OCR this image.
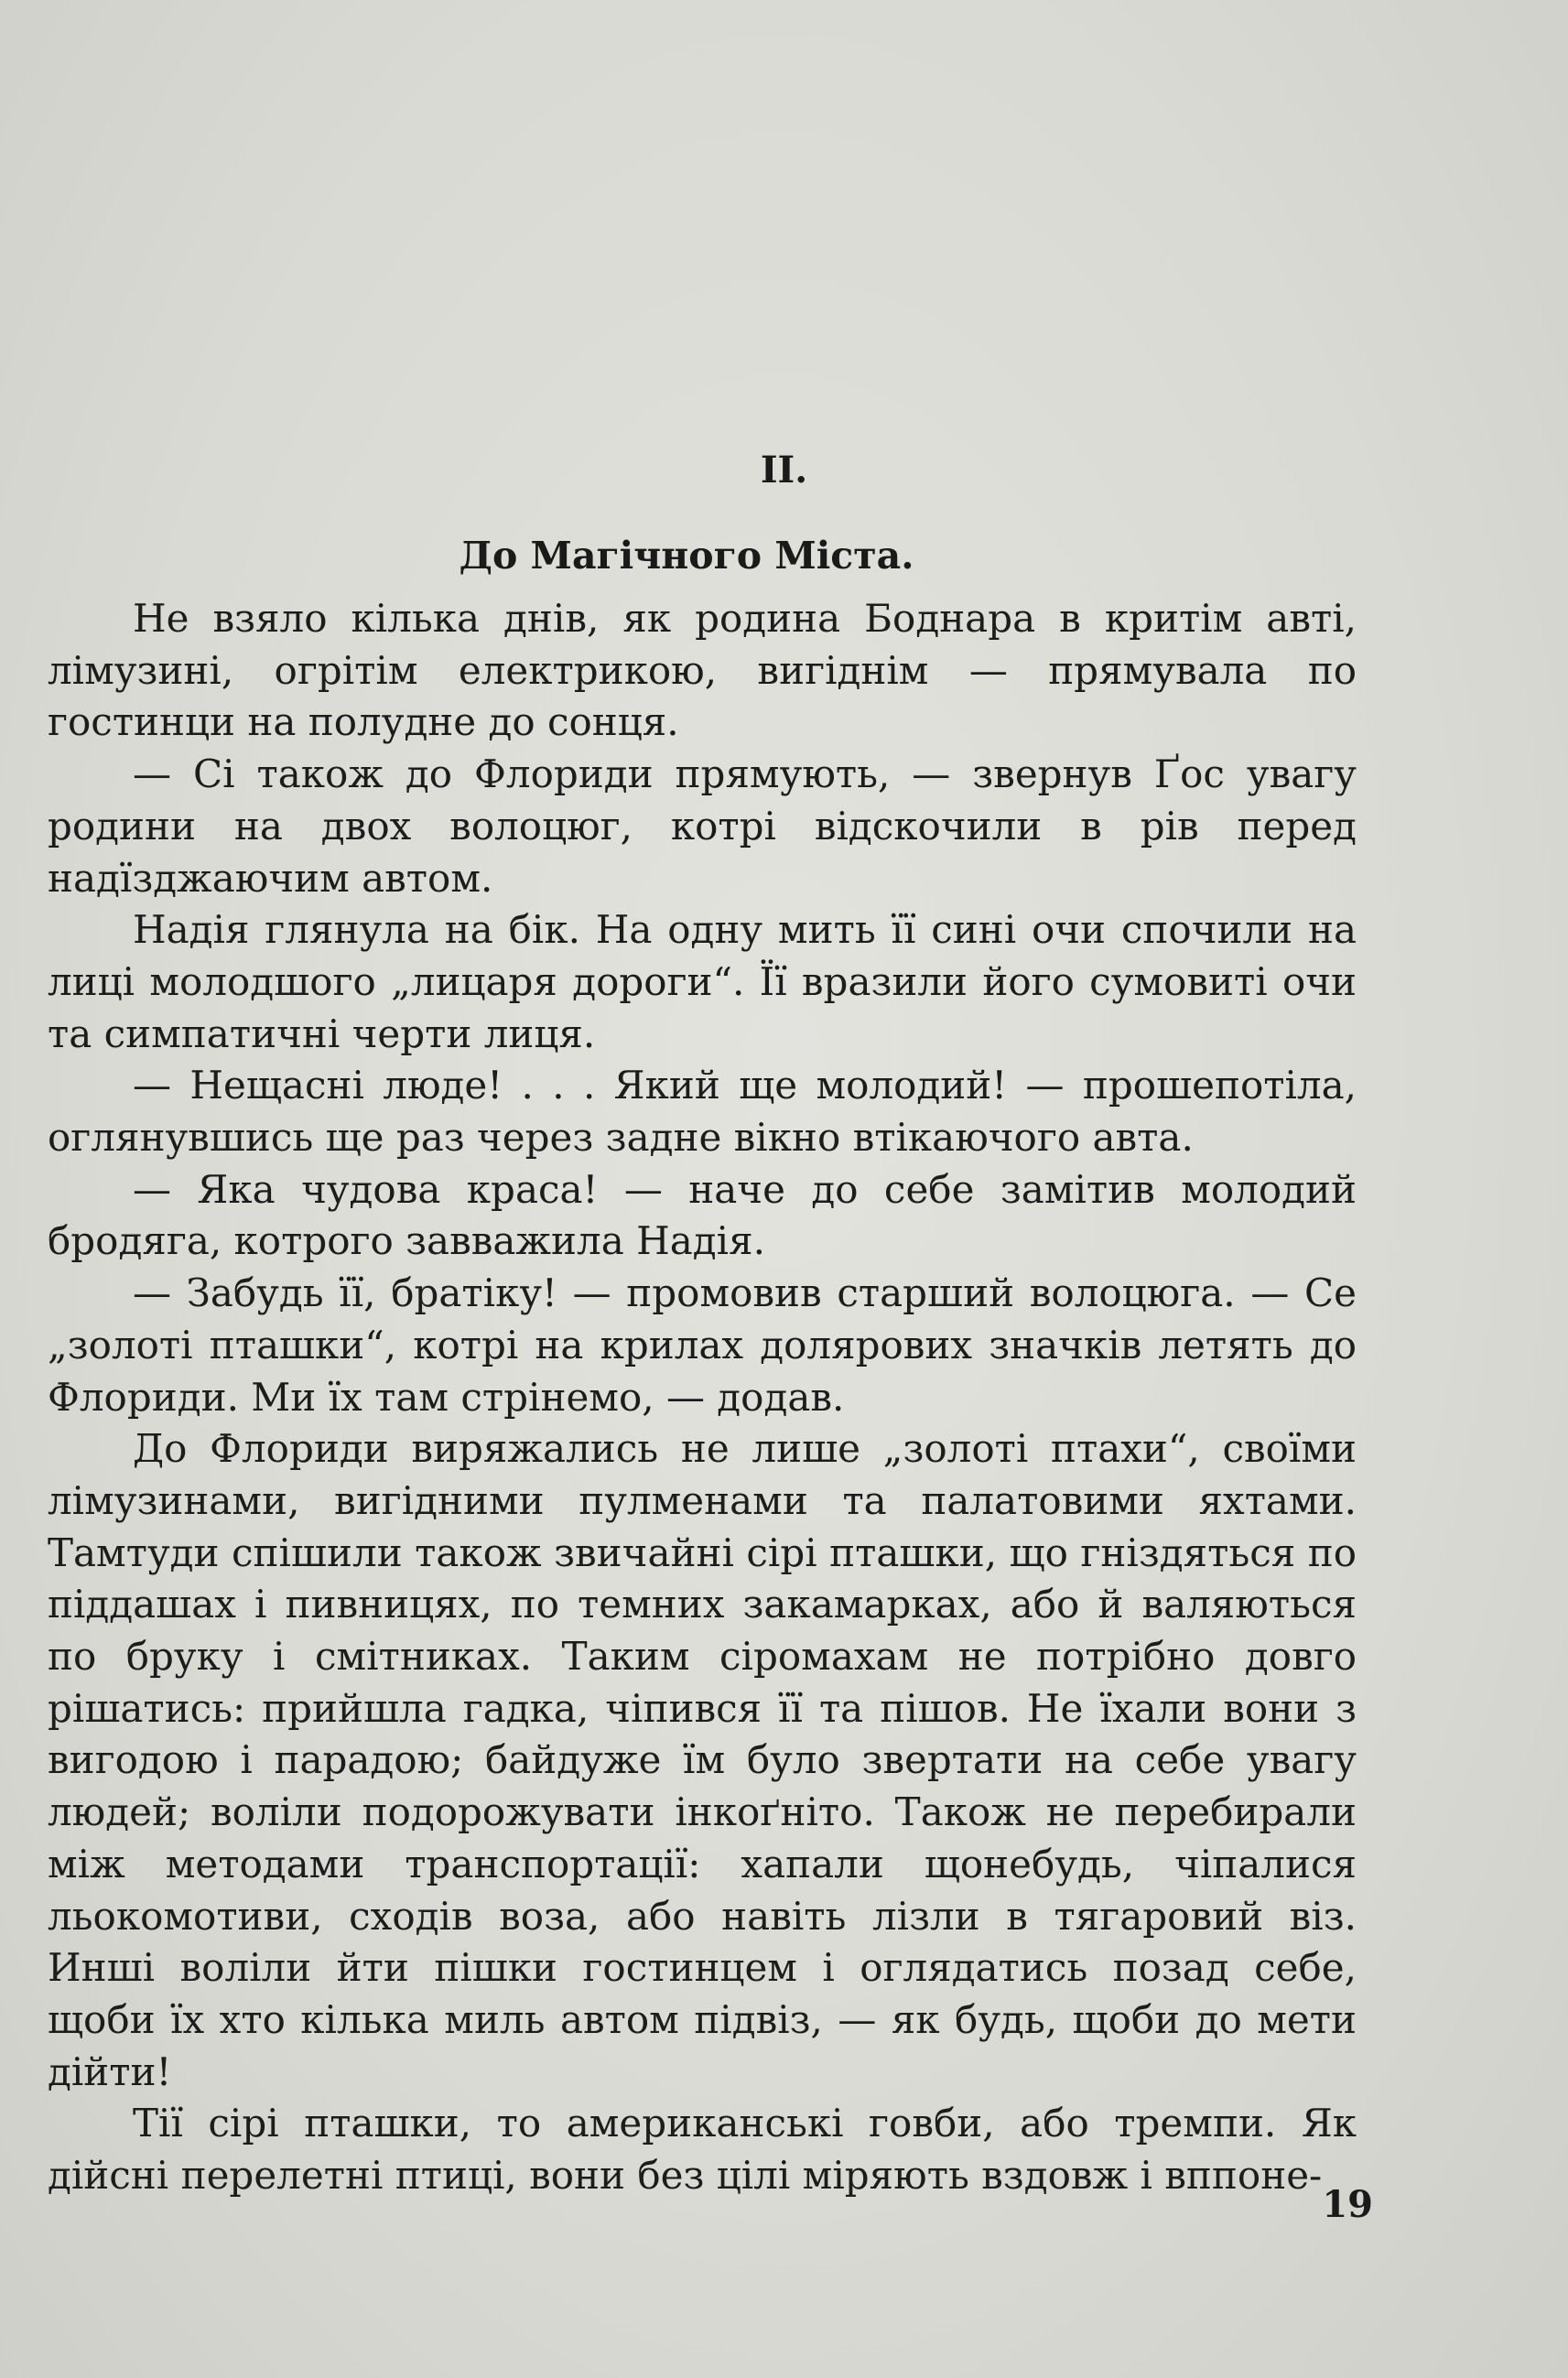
II.
До Магічного Міста.

Не взяло кілька днів, як родина Боднара в критім авті, лімузині, огрітім електрикою, вигіднім — прямувала по гостинци на полудне до сонця.

— Сі також до Флориди прямують, — звернув Ґос увагу родини на двох волоцюг, котрі відскочили в рів перед надїзджаючим автом.

Надія глянула на бік. На одну мить її сині очи спочили на лиці молодшого „лицаря дороги“. Її вразили його сумовиті очи та симпатичні черти лиця.

— Нещасні люде! . . . Який ще молодий! — прошепотіла, оглянувшись ще раз через задне вікно втікаючого авта.

— Яка чудова краса! — наче до себе замітив молодий бродяга, котрого завважила Надія.

— Забудь її, братіку! — промовив старший волоцюга. — Се „золоті пташки“, котрі на крилах долярових значків летять до Флориди. Ми їх там стрінемо, — додав.

До Флориди виряжались не лише „золоті птахи“, своїми лімузинами, вигідними пулменами та палатовими яхтами. Тамтуди спішили також звичайні сірі пташки, що гніздяться по піддашах і пивницях, по темних закамарках, або й валяються по бруку і смітниках. Таким сіромахам не потрібно довго рішатись: прийшла гадка, чіпився її та пішов. Не їхали вони з вигодою і парадою; байдуже їм було звертати на себе увагу людей; воліли подорожувати інкоґніто. Також не перебирали між методами транспортації: хапали щонебудь, чіпалися льокомотиви, сходів воза, або навіть лізли в тягаровий віз. Инші воліли йти пішки гостинцем і оглядатись позад себе, щоби їх хто кілька миль автом підвіз, — як будь, щоби до мети дійти!

Тії сірі пташки, то американські говби, або тремпи. Як дійсні перелетні птиці, вони без цілі міряють вздовж і вппоне-

19
